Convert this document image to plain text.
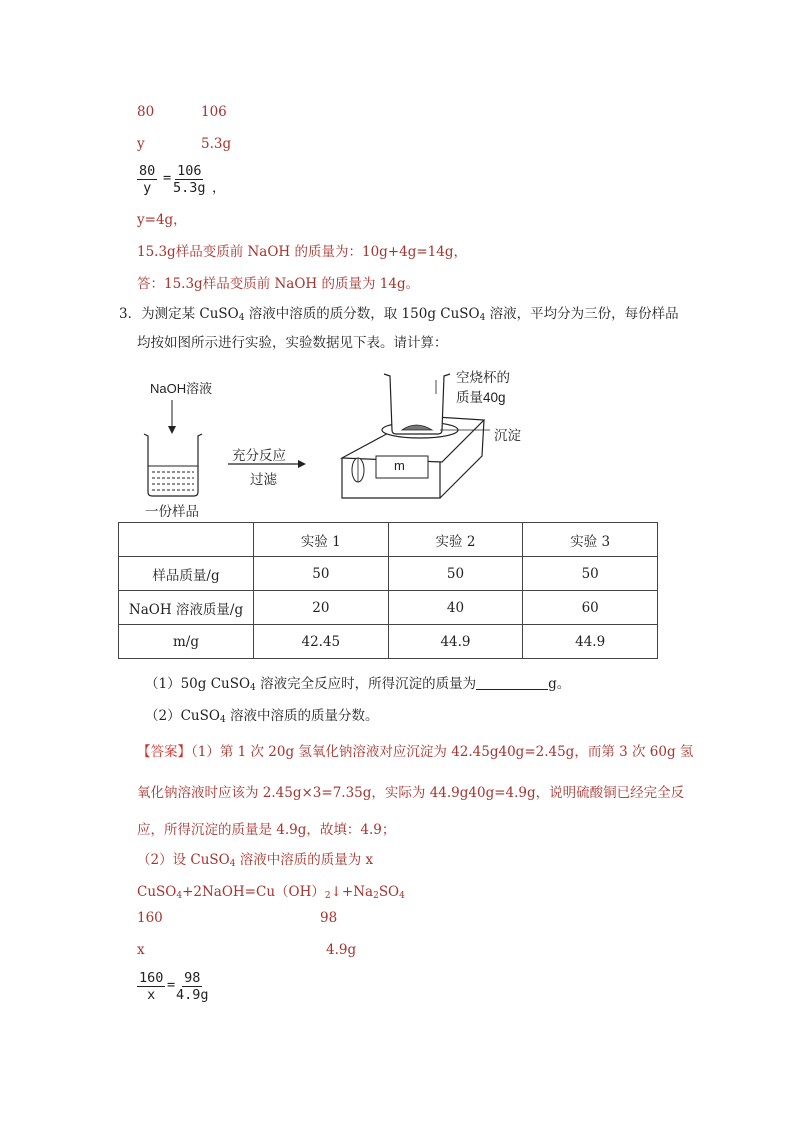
80	106
y	5.3g
$\frac{80}{y} = \frac{106}{5.3g}$ ，
y=4g，
15.3g样品变质前 NaOH 的质量为：10g+4g=14g，
答：15.3g样品变质前 NaOH 的质量为 14g。
3．为测定某 CuSO$_4$ 溶液中溶质的质分数，取 150g CuSO$_4$ 溶液，平均分为三份，每份样品
均按如图所示进行实验，实验数据见下表。请计算：
NaOH溶液
一份样品
充分反应
过滤
空烧杯的
质量40g
沉淀
m
	实验 1	实验 2	实验 3
样品质量/g	50	50	50
NaOH 溶液质量/g	20	40	60
m/g	42.45	44.9	44.9
（1）50g CuSO$_4$ 溶液完全反应时，所得沉淀的质量为	g。
（2）CuSO$_4$ 溶液中溶质的质量分数。
【答案】（1）第 1 次 20g 氢氧化钠溶液对应沉淀为 42.45g40g=2.45g，而第 3 次 60g 氢
氧化钠溶液时应该为 2.45g×3=7.35g，实际为 44.9g40g=4.9g，说明硫酸铜已经完全反
应，所得沉淀的质量是 4.9g，故填：4.9；
（2）设 CuSO$_4$ 溶液中溶质的质量为 x
$CuSO_4+2NaOH=Cu(OH)_2↓+Na_2SO_4$
160	98
x	4.9g
$\frac{160}{x}$ =
$\frac{98}{4.9g}$
